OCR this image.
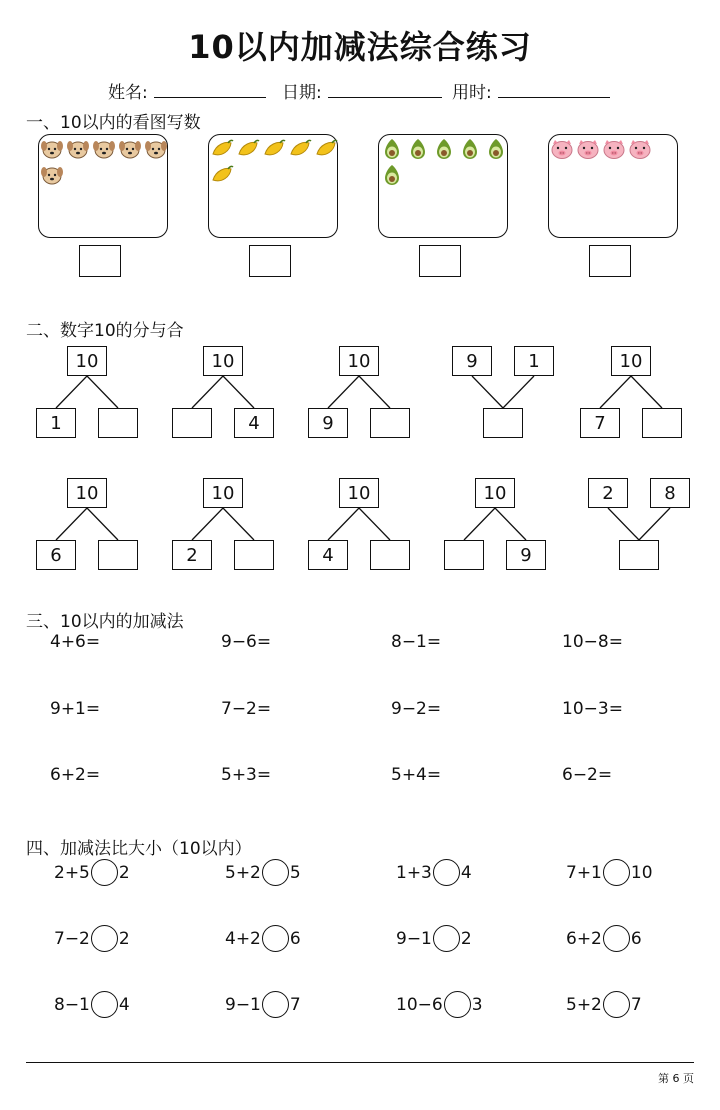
10以内加减法综合练习
姓名:	日期:	用时:
一、10以内的看图写数
二、数字10的分与合
10
1
10
4
10
9
9	1	10
7
10
6
10
2
10
4
10
9
2	8
三、10以内的加减法
4+6=	9−6=	8−1=	10−8=
9+1=	7−2=	9−2=	10−3=
6+2=	5+3=	5+4=	6−2=
四、加减法比大小（10以内）
2+5 2	5+2 5	1+3 4	7+1 10
7−2 2	4+2 6	9−1 2	6+2 6
8−1 4	9−1 7	10−6 3	5+2 7
第 6 页
